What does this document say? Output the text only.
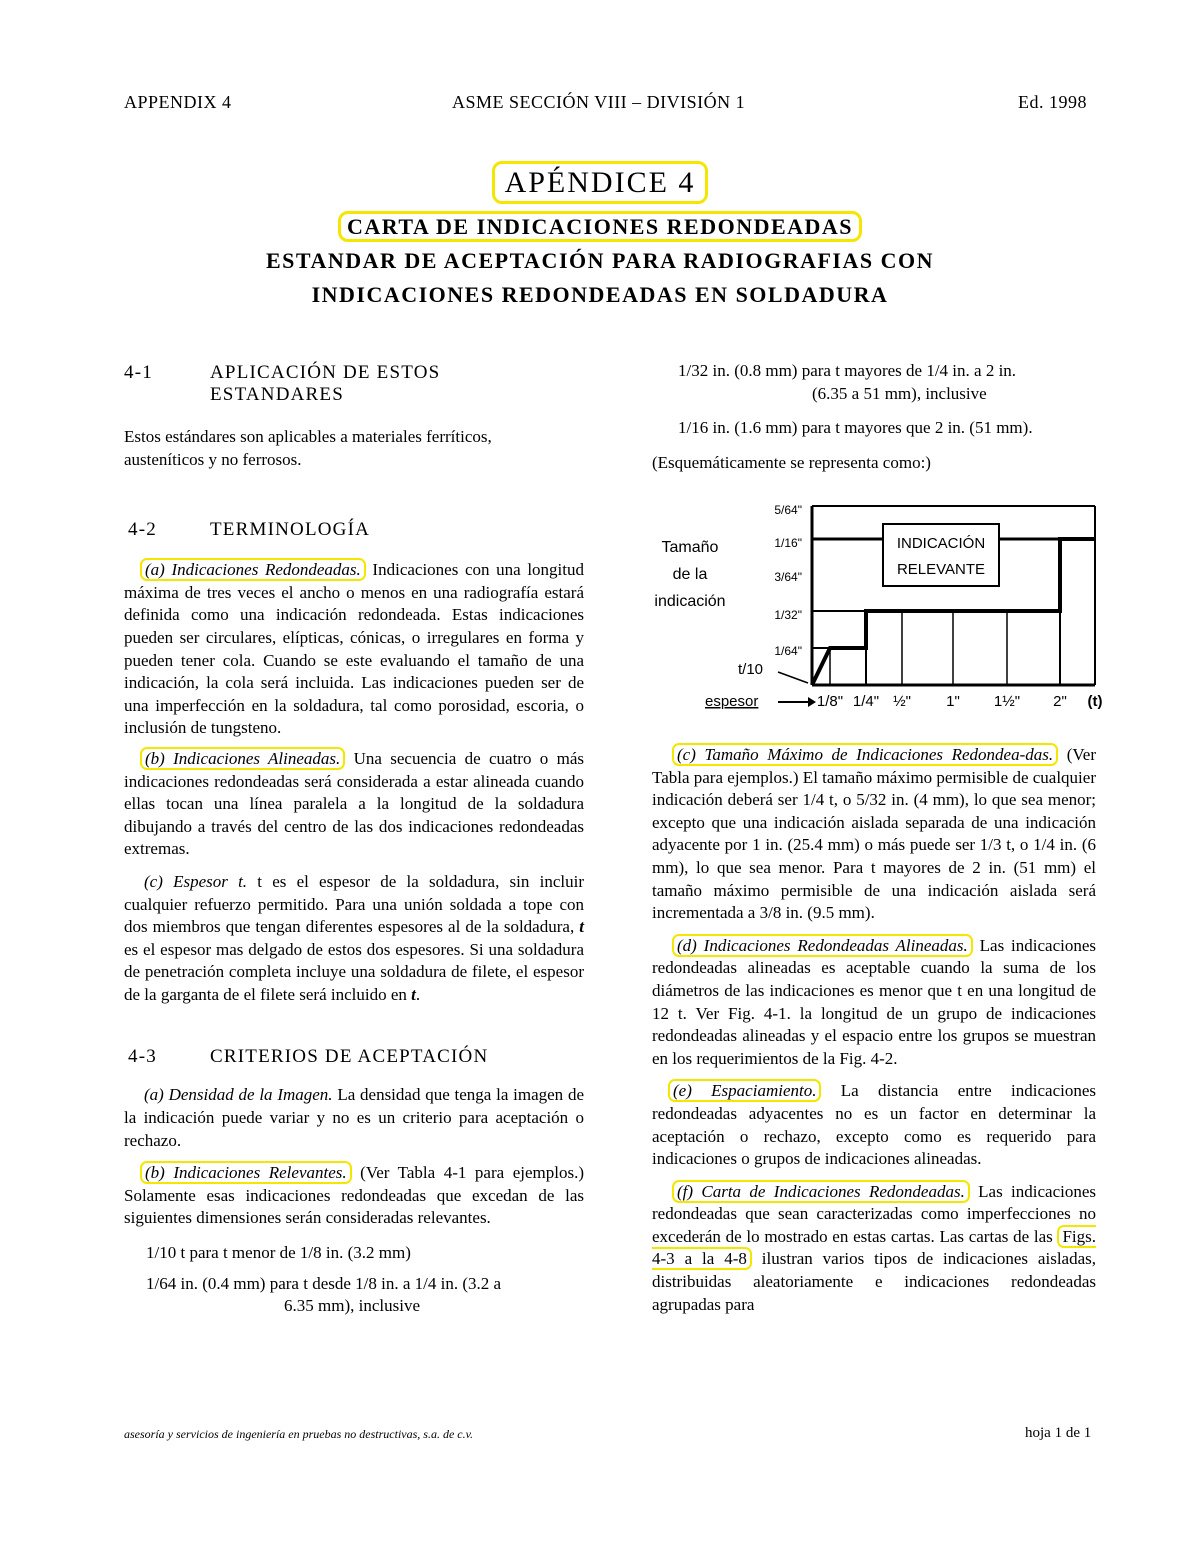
APPENDIX 4	ASME SECCIÓN VIII – DIVISIÓN 1	Ed. 1998
APÉNDICE 4
CARTA DE INDICACIONES REDONDEADAS
ESTANDAR DE ACEPTACIÓN PARA RADIOGRAFIAS CON
INDICACIONES REDONDEADAS EN SOLDADURA
4-1	APLICACIÓN DE ESTOS
ESTANDARES
Estos estándares son aplicables a materiales ferríticos,
austeníticos y no ferrosos.
4-2	TERMINOLOGÍA
(a) Indicaciones Redondeadas. Indicaciones con una longitud máxima de tres veces el ancho o menos en una radiografía estará definida como una indicación redondeada. Estas indicaciones pueden ser circulares, elípticas, cónicas, o irregulares en forma y pueden tener cola. Cuando se este evaluando el tamaño de una indicación, la cola será incluida. Las indicaciones pueden ser de una imperfección en la soldadura, tal como porosidad, escoria, o inclusión de tungsteno.
(b) Indicaciones Alineadas. Una secuencia de cuatro o más indicaciones redondeadas será considerada a estar alineada cuando ellas tocan una línea paralela a la longitud de la soldadura dibujando a través del centro de las dos indicaciones redondeadas extremas.
(c) Espesor t. t es el espesor de la soldadura, sin incluir cualquier refuerzo permitido. Para una unión soldada a tope con dos miembros que tengan diferentes espesores al de la soldadura, t es el espesor mas delgado de estos dos espesores. Si una soldadura de penetración completa incluye una soldadura de filete, el espesor de la garganta de el filete será incluido en t.
4-3	CRITERIOS DE ACEPTACIÓN
(a) Densidad de la Imagen. La densidad que tenga la imagen de la indicación puede variar y no es un criterio para aceptación o rechazo.
(b) Indicaciones Relevantes. (Ver Tabla 4-1 para ejemplos.) Solamente esas indicaciones redondeadas que excedan de las siguientes dimensiones serán consideradas relevantes.
1/10 t para t menor de 1/8 in. (3.2 mm)
1/64 in. (0.4 mm) para t desde 1/8 in. a 1/4 in. (3.2 a
6.35 mm), inclusive
1/32 in. (0.8 mm) para t mayores de 1/4 in. a 2 in.
(6.35 a 51 mm), inclusive
1/16 in. (1.6 mm) para t mayores que 2 in. (51 mm).
(Esquemáticamente se representa como:)
INDICACIÓN
RELEVANTE
Tamaño
de la
indicación
5/64"
1/16"
3/64"
1/32"
1/64"
t/10
espesor	1/8" 1/4" ½" 1" 1½" 2" (t)
(c) Tamaño Máximo de Indicaciones Redondea-das. (Ver Tabla para ejemplos.) El tamaño máximo permisible de cualquier indicación deberá ser 1/4 t, o 5/32 in. (4 mm), lo que sea menor; excepto que una indicación aislada separada de una indicación adyacente por 1 in. (25.4 mm) o más puede ser 1/3 t, o 1/4 in. (6 mm), lo que sea menor. Para t mayores de 2 in. (51 mm) el tamaño máximo permisible de una indicación aislada será incrementada a 3/8 in. (9.5 mm).
(d) Indicaciones Redondeadas Alineadas. Las indicaciones redondeadas alineadas es aceptable cuando la suma de los diámetros de las indicaciones es menor que t en una longitud de 12 t. Ver Fig. 4-1. la longitud de un grupo de indicaciones redondeadas alineadas y el espacio entre los grupos se muestran en los requerimientos de la Fig. 4-2.
(e) Espaciamiento. La distancia entre indicaciones redondeadas adyacentes no es un factor en determinar la aceptación o rechazo, excepto como es requerido para indicaciones o grupos de indicaciones alineadas.
(f) Carta de Indicaciones Redondeadas. Las indicaciones redondeadas que sean caracterizadas como imperfecciones no excederán de lo mostrado en estas cartas. Las cartas de las Figs. 4-3 a la 4-8 ilustran varios tipos de indicaciones aisladas, distribuidas aleatoriamente e indicaciones redondeadas agrupadas para
asesoría y servicios de ingeniería en pruebas no destructivas, s.a. de c.v.	hoja 1 de 1
